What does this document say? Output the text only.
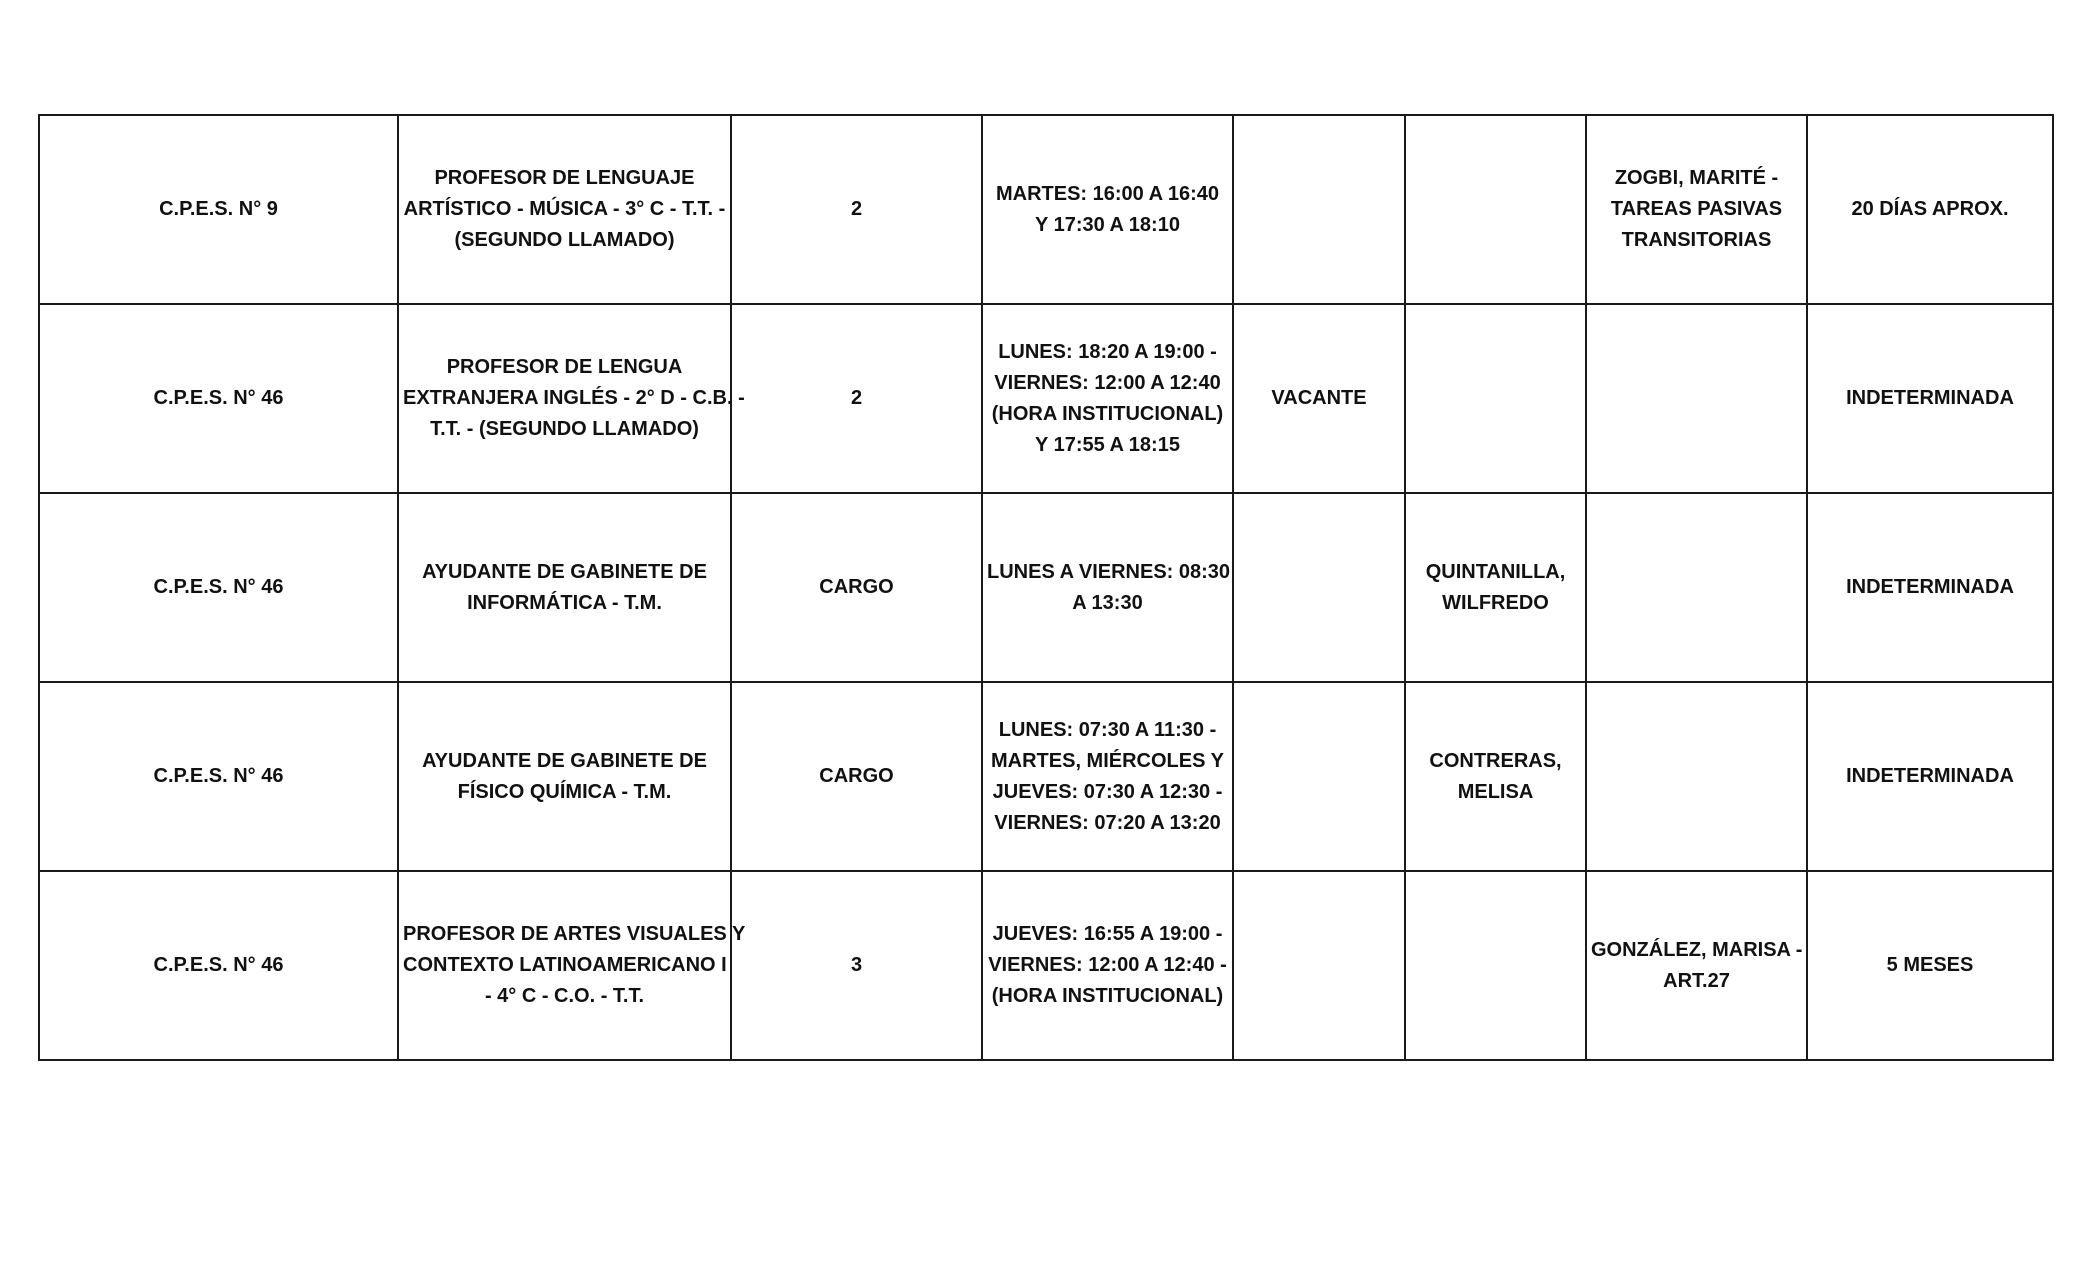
C.P.E.S. N° 9	PROFESOR DE LENGUAJE
ARTÍSTICO - MÚSICA - 3° C - T.T. -
(SEGUNDO LLAMADO)	2	MARTES: 16:00 A 16:40
Y 17:30 A 18:10			ZOGBI, MARITÉ -
TAREAS PASIVAS
TRANSITORIAS	20 DÍAS APROX.

C.P.E.S. N° 46	PROFESOR DE LENGUA
EXTRANJERA INGLÉS - 2° D - C.B. -
T.T. - (SEGUNDO LLAMADO)	2	LUNES: 18:20 A 19:00 -
VIERNES: 12:00 A 12:40
(HORA INSTITUCIONAL)
Y 17:55 A 18:15	VACANTE			INDETERMINADA

C.P.E.S. N° 46	AYUDANTE DE GABINETE DE
INFORMÁTICA - T.M.	CARGO	LUNES A VIERNES: 08:30
A 13:30		QUINTANILLA,
WILFREDO		INDETERMINADA

C.P.E.S. N° 46	AYUDANTE DE GABINETE DE
FÍSICO QUÍMICA - T.M.	CARGO	LUNES: 07:30 A 11:30 -
MARTES, MIÉRCOLES Y
JUEVES: 07:30 A 12:30 -
VIERNES: 07:20 A 13:20		CONTRERAS,
MELISA		INDETERMINADA

C.P.E.S. N° 46	PROFESOR DE ARTES VISUALES Y
CONTEXTO LATINOAMERICANO I
- 4° C - C.O. - T.T.	3	JUEVES: 16:55 A 19:00 -
VIERNES: 12:00 A 12:40 -
(HORA INSTITUCIONAL)			GONZÁLEZ, MARISA -
ART.27	5 MESES
